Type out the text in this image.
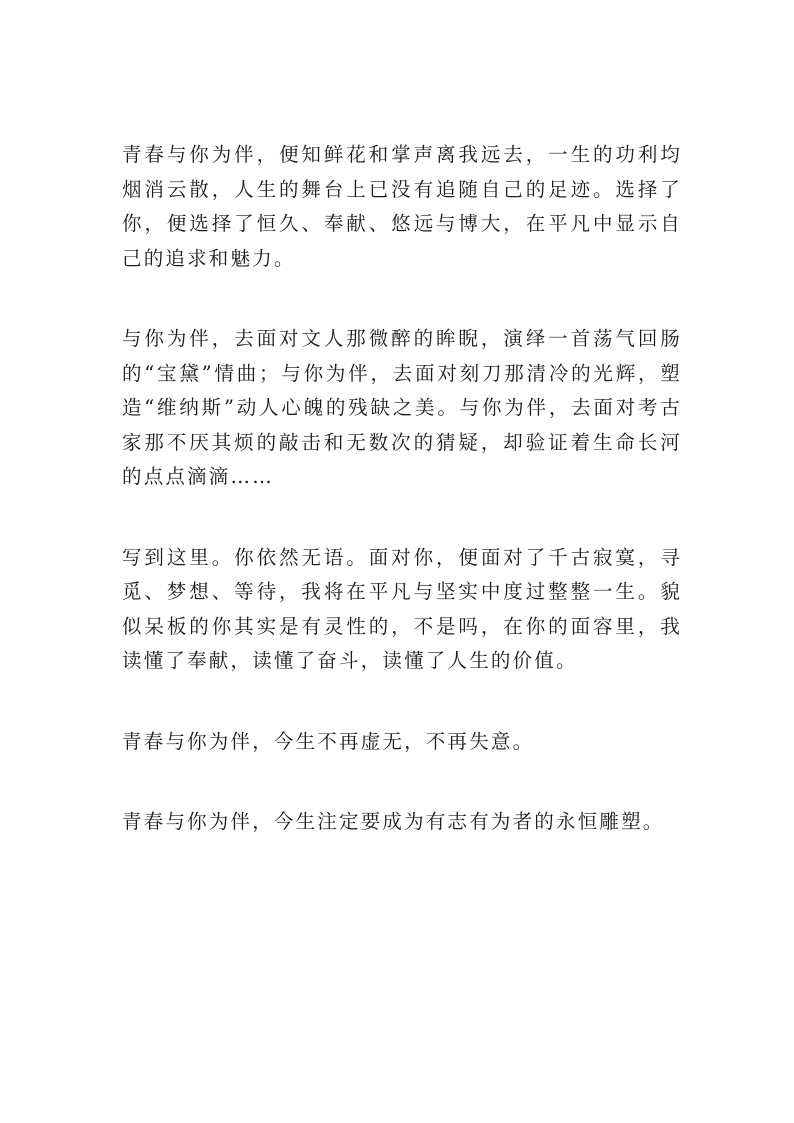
青春与你为伴，便知鲜花和掌声离我远去，一生的功利均烟消云散，人生的舞台上已没有追随自己的足迹。选择了你，便选择了恒久、奉献、悠远与博大，在平凡中显示自己的追求和魅力。

与你为伴，去面对文人那微醉的眸睨，演绎一首荡气回肠的“宝黛”情曲；与你为伴，去面对刻刀那清冷的光辉，塑造“维纳斯”动人心魄的残缺之美。与你为伴，去面对考古家那不厌其烦的敲击和无数次的猜疑，却验证着生命长河的点点滴滴……

写到这里。你依然无语。面对你，便面对了千古寂寞，寻觅、梦想、等待，我将在平凡与坚实中度过整整一生。貌似呆板的你其实是有灵性的，不是吗，在你的面容里，我读懂了奉献，读懂了奋斗，读懂了人生的价值。

青春与你为伴，今生不再虚无，不再失意。

青春与你为伴，今生注定要成为有志有为者的永恒雕塑。
